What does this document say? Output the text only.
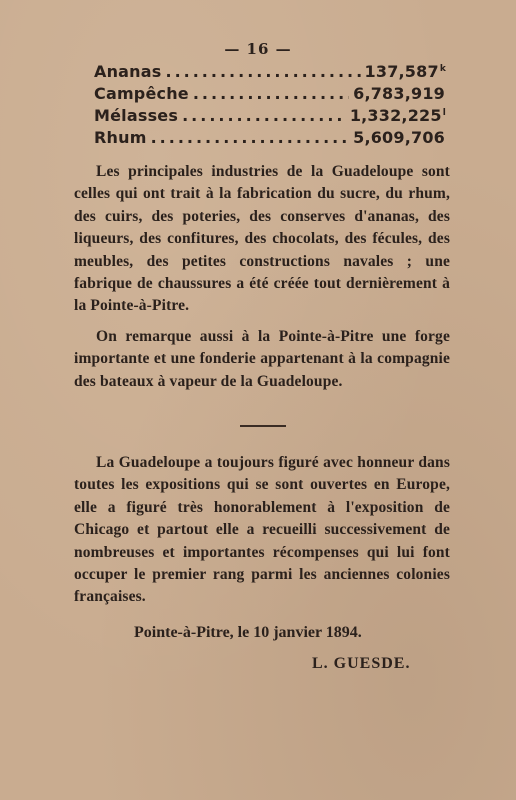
— 16 —
Ananas .....	137,587$^k$
Campêche .....	6,783,919
Mélasses .....	1,332,225$^l$
Rhum .....	5,609,706
Les principales industries de la Guadeloupe sont celles qui ont trait à la fabrication du sucre, du rhum, des cuirs, des poteries, des conserves d'ananas, des liqueurs, des confitures, des chocolats, des fécules, des meubles, des petites constructions navales ; une fabrique de chaussures a été créée tout dernièrement à la Pointe-à-Pitre.
On remarque aussi à la Pointe-à-Pitre une forge importante et une fonderie appartenant à la compagnie des bateaux à vapeur de la Guadeloupe.
La Guadeloupe a toujours figuré avec honneur dans toutes les expositions qui se sont ouvertes en Europe, elle a figuré très honorablement à l'exposition de Chicago et partout elle a recueilli successivement de nombreuses et importantes récompenses qui lui font occuper le premier rang parmi les anciennes colonies françaises.
Pointe-à-Pitre, le 10 janvier 1894.
L. GUESDE.
